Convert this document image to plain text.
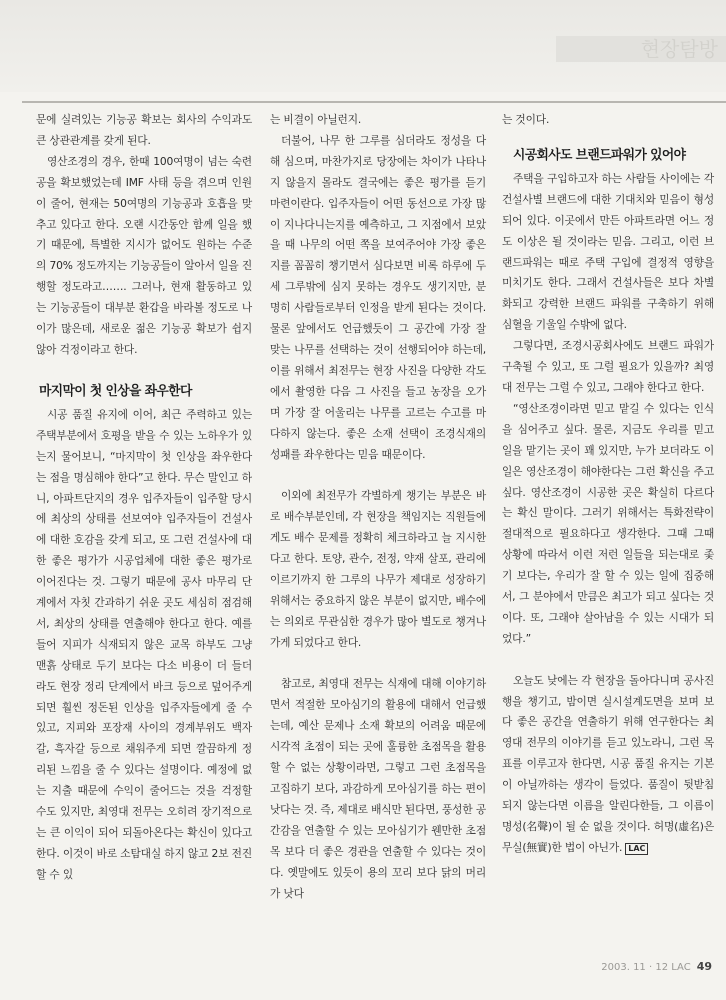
현장탐방

문에 실려있는 기능공 확보는 회사의 수익과도 큰 상관관계를 갖게 된다.

영산조경의 경우, 한때 100여명이 넘는 숙련공을 확보했었는데 IMF 사태 등을 겪으며 인원이 줄어, 현재는 50여명의 기능공과 호흡을 맞추고 있다고 한다. 오랜 시간동안 함께 일을 했기 때문에, 특별한 지시가 없어도 원하는 수준의 70% 정도까지는 기능공들이 알아서 일을 진행할 정도라고……. 그러나, 현재 활동하고 있는 기능공들이 대부분 환갑을 바라볼 정도로 나이가 많은데, 새로운 젊은 기능공 확보가 쉽지 않아 걱정이라고 한다.

마지막이 첫 인상을 좌우한다

시공 품질 유지에 이어, 최근 주력하고 있는 주택부분에서 호평을 받을 수 있는 노하우가 있는지 물어보니, “마지막이 첫 인상을 좌우한다는 점을 명심해야 한다”고 한다. 무슨 말인고 하니, 아파트단지의 경우 입주자들이 입주할 당시에 최상의 상태를 선보여야 입주자들이 건설사에 대한 호감을 갖게 되고, 또 그런 건설사에 대한 좋은 평가가 시공업체에 대한 좋은 평가로 이어진다는 것. 그렇기 때문에 공사 마무리 단계에서 자칫 간과하기 쉬운 곳도 세심히 점검해서, 최상의 상태를 연출해야 한다고 한다. 예를 들어 지피가 식재되지 않은 교목 하부도 그냥 맨흙 상태로 두기 보다는 다소 비용이 더 들더라도 현장 정리 단계에서 바크 등으로 덮어주게 되면 훨씬 정돈된 인상을 입주자들에게 줄 수 있고, 지피와 포장재 사이의 경계부위도 백자갈, 흑자갈 등으로 채워주게 되면 깔끔하게 정리된 느낌을 줄 수 있다는 설명이다. 예정에 없는 지출 때문에 수익이 줄어드는 것을 걱정할 수도 있지만, 최영대 전무는 오히려 장기적으로는 큰 이익이 되어 되돌아온다는 확신이 있다고 한다. 이것이 바로 소탐대실 하지 않고 2보 전진할 수 있

는 비결이 아닐런지.

더불어, 나무 한 그루를 심더라도 정성을 다해 심으며, 마찬가지로 당장에는 차이가 나타나지 않을지 몰라도 결국에는 좋은 평가를 듣기 마련이란다. 입주자들이 어떤 동선으로 가장 많이 지나다니는지를 예측하고, 그 지점에서 보았을 때 나무의 어떤 쪽을 보여주어야 가장 좋은지를 꼼꼼히 챙기면서 심다보면 비록 하루에 두세 그루밖에 심지 못하는 경우도 생기지만, 분명히 사람들로부터 인정을 받게 된다는 것이다. 물론 앞에서도 언급했듯이 그 공간에 가장 잘 맞는 나무를 선택하는 것이 선행되어야 하는데, 이를 위해서 최전무는 현장 사진을 다양한 각도에서 촬영한 다음 그 사진을 들고 농장을 오가며 가장 잘 어울리는 나무를 고르는 수고를 마다하지 않는다. 좋은 소재 선택이 조경식재의 성패를 좌우한다는 믿음 때문이다.

이외에 최전무가 각별하게 챙기는 부분은 바로 배수부분인데, 각 현장을 책임지는 직원들에게도 배수 문제를 정확히 체크하라고 늘 지시한다고 한다. 토양, 관수, 전정, 약재 살포, 관리에 이르기까지 한 그루의 나무가 제대로 성장하기 위해서는 중요하지 않은 부분이 없지만, 배수에는 의외로 무관심한 경우가 많아 별도로 챙겨나가게 되었다고 한다.

참고로, 최영대 전무는 식재에 대해 이야기하면서 적절한 모아심기의 활용에 대해서 언급했는데, 예산 문제나 소재 확보의 어려움 때문에 시각적 초점이 되는 곳에 훌륭한 초점목을 활용할 수 없는 상황이라면, 그렇고 그런 초점목을 고집하기 보다, 과감하게 모아심기를 하는 편이 낫다는 것. 즉, 제대로 배식만 된다면, 풍성한 공간감을 연출할 수 있는 모아심기가 웬만한 초점목 보다 더 좋은 경관을 연출할 수 있다는 것이다. 옛말에도 있듯이 용의 꼬리 보다 닭의 머리가 낫다

는 것이다.

시공회사도 브랜드파워가 있어야

주택을 구입하고자 하는 사람들 사이에는 각 건설사별 브랜드에 대한 기대치와 믿음이 형성되어 있다. 이곳에서 만든 아파트라면 어느 정도 이상은 될 것이라는 믿음. 그리고, 이런 브랜드파워는 때로 주택 구입에 결정적 영향을 미치기도 한다. 그래서 건설사들은 보다 차별화되고 강력한 브랜드 파워를 구축하기 위해 심혈을 기울일 수밖에 없다.

그렇다면, 조경시공회사에도 브랜드 파워가 구축될 수 있고, 또 그럴 필요가 있을까? 최영대 전무는 그럴 수 있고, 그래야 한다고 한다.

“영산조경이라면 믿고 맡길 수 있다는 인식을 심어주고 싶다. 물론, 지금도 우리를 믿고 일을 맡기는 곳이 꽤 있지만, 누가 보더라도 이 일은 영산조경이 해야한다는 그런 확신을 주고 싶다. 영산조경이 시공한 곳은 확실히 다르다는 확신 말이다. 그러기 위해서는 특화전략이 절대적으로 필요하다고 생각한다. 그때 그때 상황에 따라서 이런 저런 일들을 되는대로 좇기 보다는, 우리가 잘 할 수 있는 일에 집중해서, 그 분야에서 만큼은 최고가 되고 싶다는 것이다. 또, 그래야 살아남을 수 있는 시대가 되었다.”

오늘도 낮에는 각 현장을 돌아다니며 공사진행을 챙기고, 밤이면 실시설계도면을 보며 보다 좋은 공간을 연출하기 위해 연구한다는 최영대 전무의 이야기를 듣고 있노라니, 그런 목표를 이루고자 한다면, 시공 품질 유지는 기본이 아닐까하는 생각이 들었다. 품질이 뒷받침되지 않는다면 이름을 알린다한들, 그 이름이 명성(名聲)이 될 순 없을 것이다. 허명(虛名)은 무실(無實)한 법이 아닌가. LAC

2003. 11 · 12 LAC 49
